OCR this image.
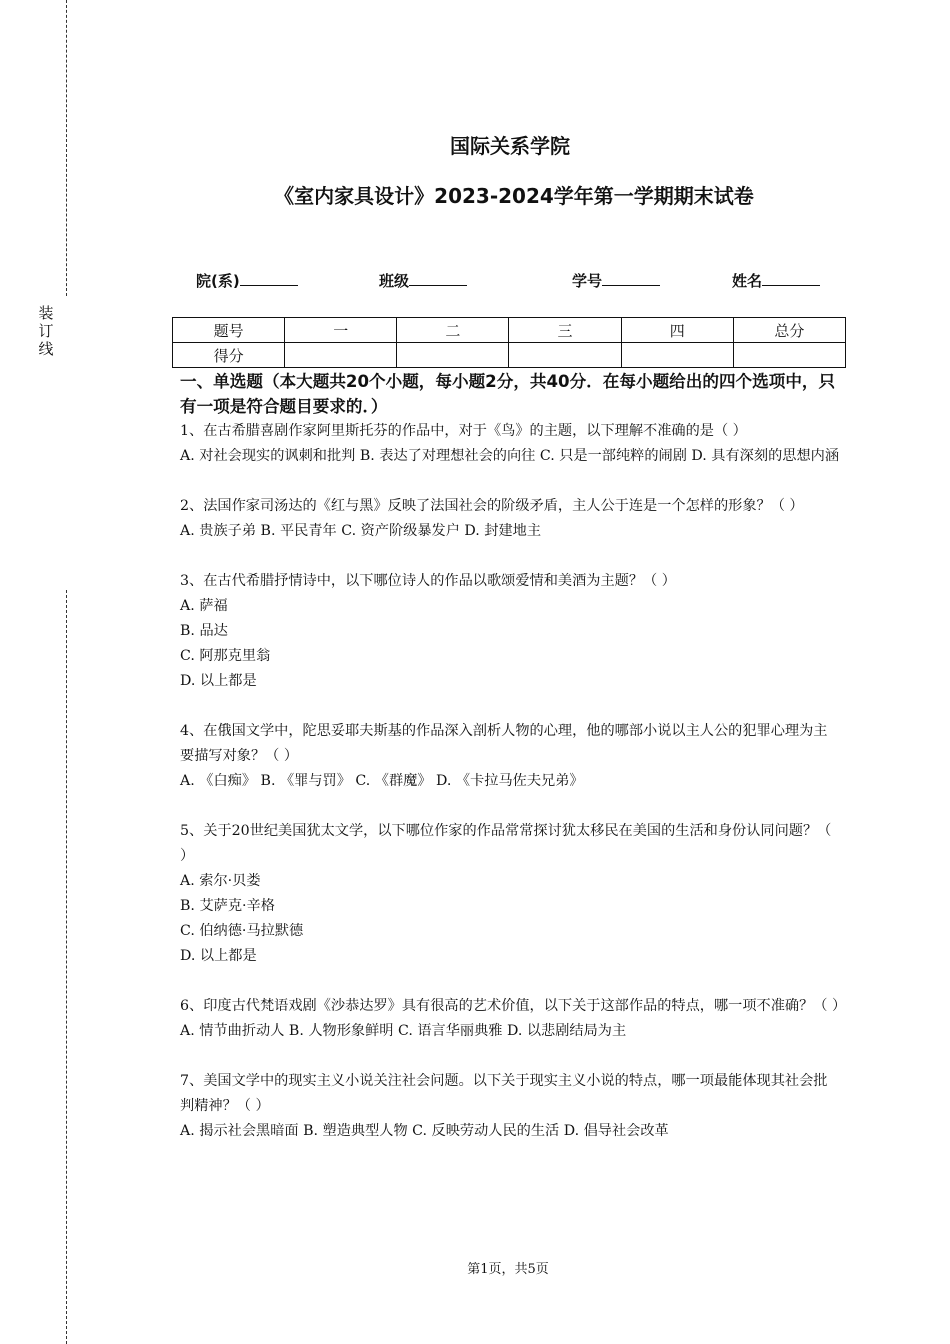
装订线
国际关系学院
《室内家具设计》2023-2024学年第一学期期末试卷
院(系)	班级	学号	姓名
题号	一	二	三	四	总分
得分					
一、单选题（本大题共20个小题，每小题2分，共40分．在每小题给出的四个选项中，只有一项是符合题目要求的．）

1、在古希腊喜剧作家阿里斯托芬的作品中，对于《鸟》的主题，以下理解不准确的是（ ）

A. 对社会现实的讽刺和批判 B. 表达了对理想社会的向往 C. 只是一部纯粹的闹剧 D. 具有深刻的思想内涵

2、法国作家司汤达的《红与黑》反映了法国社会的阶级矛盾，主人公于连是一个怎样的形象？（ ）

A. 贵族子弟 B. 平民青年 C. 资产阶级暴发户 D. 封建地主

3、在古代希腊抒情诗中，以下哪位诗人的作品以歌颂爱情和美酒为主题？（ ）

A. 萨福

B. 品达

C. 阿那克里翁

D. 以上都是

4、在俄国文学中，陀思妥耶夫斯基的作品深入剖析人物的心理，他的哪部小说以主人公的犯罪心理为主要描写对象？（ ）

A. 《白痴》 B. 《罪与罚》 C. 《群魔》 D. 《卡拉马佐夫兄弟》

5、关于20世纪美国犹太文学，以下哪位作家的作品常常探讨犹太移民在美国的生活和身份认同问题？（ ）

A. 索尔·贝娄

B. 艾萨克·辛格

C. 伯纳德·马拉默德

D. 以上都是

6、印度古代梵语戏剧《沙恭达罗》具有很高的艺术价值，以下关于这部作品的特点，哪一项不准确？（ ）

A. 情节曲折动人 B. 人物形象鲜明 C. 语言华丽典雅 D. 以悲剧结局为主

7、美国文学中的现实主义小说关注社会问题。以下关于现实主义小说的特点，哪一项最能体现其社会批判精神？（ ）

A. 揭示社会黑暗面 B. 塑造典型人物 C. 反映劳动人民的生活 D. 倡导社会改革

第1页，共5页
